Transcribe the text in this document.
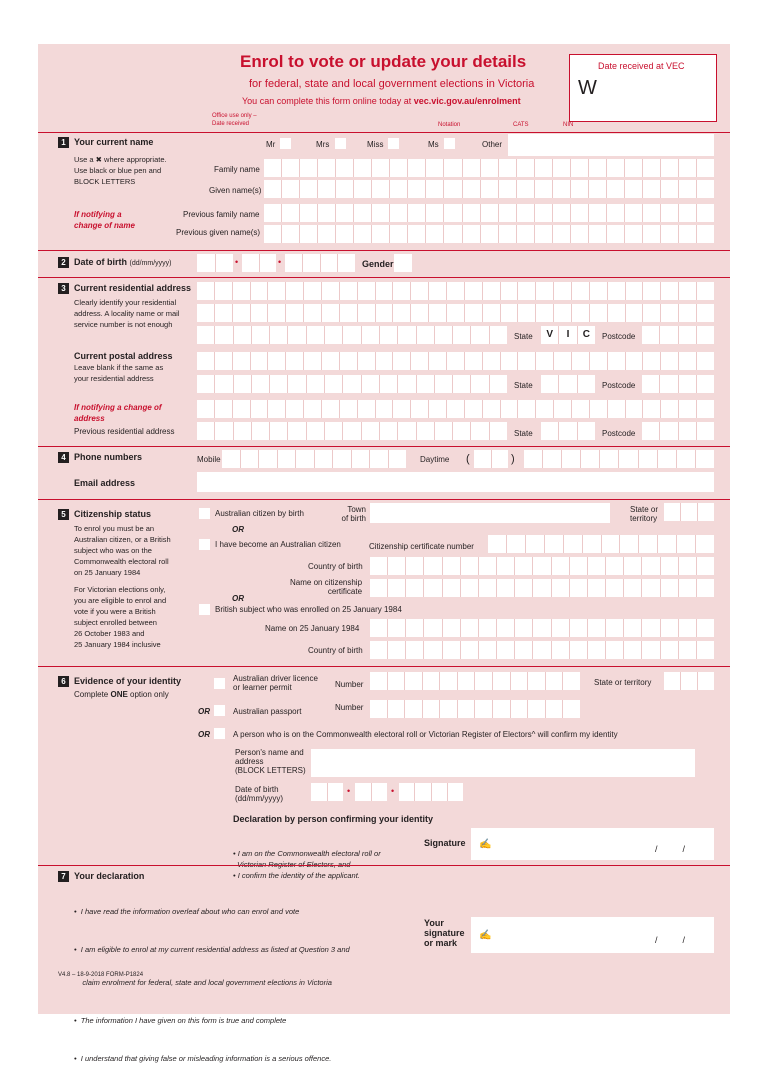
Enrol to vote or update your details
for federal, state and local government elections in Victoria
You can complete this form online today at vec.vic.gov.au/enrolment
Date received at VEC
W
Office use only –
Date received	Notation	CATS	NIN
1 Your current name
Use a ✖ where appropriate.
Use black or blue pen and
BLOCK LETTERS
Mr	Mrs	Miss	Ms	Other
Family name
Given name(s)
If notifying a
change of name
Previous family name
Previous given name(s)
2 Date of birth (dd/mm/yyyy)	•	•	Gender
3 Current residential address
Clearly identify your residential
address. A locality name or mail
service number is not enough
State	V	I	C	Postcode
Current postal address
Leave blank if the same as
your residential address
State	Postcode
If notifying a change of
address
Previous residential address	State	Postcode
4 Phone numbers	Mobile	Daytime (	)
Email address
5 Citizenship status
To enrol you must be an
Australian citizen, or a British
subject who was on the
Commonwealth electoral roll
on 25 January 1984
For Victorian elections only,
you are eligible to enrol and
vote if you were a British
subject enrolled between
26 October 1983 and
25 January 1984 inclusive
Australian citizen by birth	Town
of birth
State or
territory
OR
I have become an Australian citizen	Citizenship certificate number
Country of birth
Name on citizenship
certificate
OR
British subject who was enrolled on 25 January 1984
Name on 25 January 1984
Country of birth
6 Evidence of your identity
Complete ONE option only
Australian driver licence
or learner permit	Number	State or territory
OR	Australian passport	Number
OR	A person who is on the Commonwealth electoral roll or Victorian Register of Electors^ will confirm my identity
Person's name and
address
(BLOCK LETTERS)
Date of birth
(dd/mm/yyyy)
•	•
Declaration by person confirming your identity

• I am on the Commonwealth electoral roll or
• I confirm the identity of the applicant.

Signature ✍	/          /
7 Your declaration

•  I have read the information overleaf about who can enrol and vote

•  I am eligible to enrol at my current residential address as listed at Question 3 and

claim enrolment for federal, state and local government elections in Victoria

•  The information I have given on this form is true and complete

•  I understand that giving false or misleading information is a serious offence.

Your
signature
or mark
✍	/          /
V4.8 – 18-9-2018 FORM-P1824
